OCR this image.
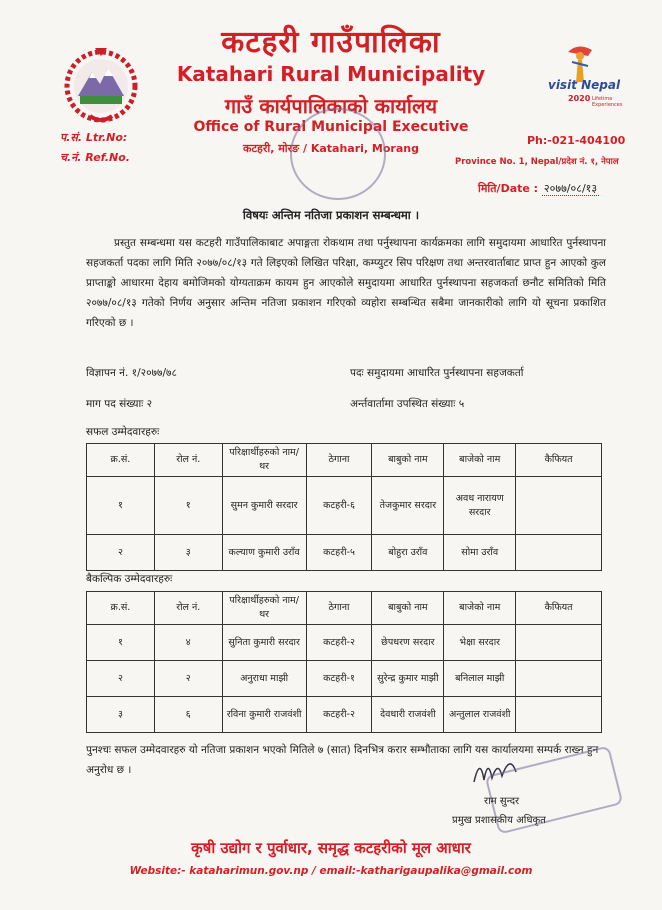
visit Nepal
2020 Lifetime Experiences
कटहरी गाउँपालिका
Katahari Rural Municipality
गाउँ कार्यपालिकाको कार्यालय
Office of Rural Municipal Executive
कटहरी, मोरङ / Katahari, Morang
प.सं. Ltr.No:
च.नं. Ref.No.
Ph:-021-404100
Province No. 1, Nepal/प्रदेश नं. १, नेपाल
मिति/Date : २०७७/०८/१३
विषयः अन्तिम नतिजा प्रकाशन सम्बन्धमा ।
प्रस्तुत सम्बन्धमा यस कटहरी गाउँपालिकाबाट अपाङ्गता रोकथाम तथा पर्नुस्थापना कार्यक्रमका लागि समुदायमा आधारित पुर्नस्थापना सहजकर्ता पदका लागि मिति २०७७/०८/१३ गते लिइएको लिखित परिक्षा, कम्प्युटर सिप परिक्षण तथा अन्तरवार्ताबाट प्राप्त हुन आएको कुल प्राप्ताङ्को आधारमा देहाय बमोजिमको योग्यताक्रम कायम हुन आएकोले समुदायमा आधारित पुर्नस्थापना सहजकर्ता छनौट समितिको मिति २०७७/०८/१३ गतेको निर्णय अनुसार अन्तिम नतिजा प्रकाशन गरिएको व्यहोरा सम्बन्धित सबैमा जानकारीको लागि यो सूचना प्रकाशित गरिएको छ ।
विज्ञापन नं. १/२०७७/७८	पदः समुदायमा आधारित पुर्नस्थापना सहजकर्ता
माग पद संख्याः २	अर्न्तवार्तामा उपस्थित संख्याः ५
सफल उम्मेदवारहरुः
क्र.सं.	रोल नं.	परिक्षार्थीहरुको नाम/थर	ठेगाना	बाबुको नाम	बाजेको नाम	कैफियत
१	१	सुमन कुमारी सरदार	कटहरी-६	तेजकुमार सरदार	अवध नारायण सरदार	
२	३	कल्याण कुमारी उराँव	कटहरी-५	बोहुरा उराँव	सोमा उराँव	
बैकल्पिक उम्मेदवारहरुः
क्र.सं.	रोल नं.	परिक्षार्थीहरुको नाम/थर	ठेगाना	बाबुको नाम	बाजेको नाम	कैफियत
१	४	सुनिता कुमारी सरदार	कटहरी-२	छेपधरण सरदार	भेक्षा सरदार	
२	२	अनुराधा माझी	कटहरी-१	सुरेन्द्र कुमार माझी	बनिलाल माझी	
३	६	रविना कुमारी राजवंशी	कटहरी-२	देवधारी राजवंशी	अन्तुलाल राजवंशी	
पुनश्चः सफल उम्मेदवारहरु यो नतिजा प्रकाशन भएको मितिले ७ (सात) दिनभित्र करार सम्भौताका लागि यस कार्यालयमा सम्पर्क राख्न हुन अनुरोध छ ।
राम सुन्दर
प्रमुख प्रशासकीय अधिकृत
कृषी उद्योग र पुर्वाधार, समृद्ध कटहरीको मूल आधार
Website:- kataharimun.gov.np / email:-katharigaupalika@gmail.com
